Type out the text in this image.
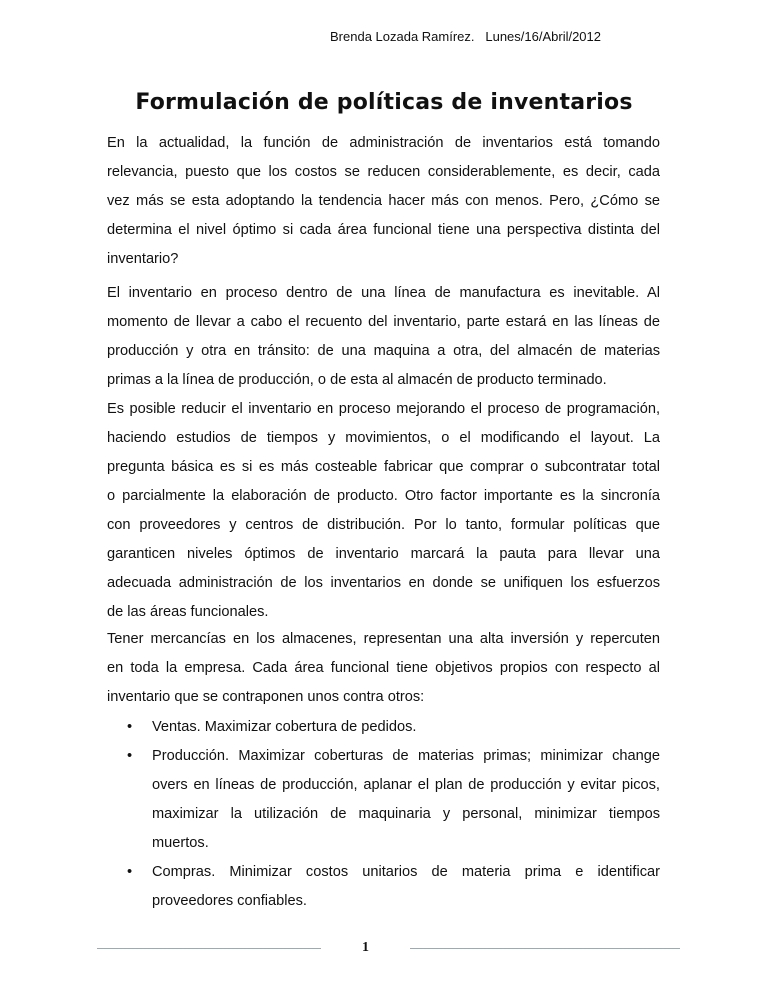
Brenda Lozada Ramírez.   Lunes/16/Abril/2012
Formulación de políticas de inventarios
En la actualidad, la función de administración de inventarios está tomando
relevancia, puesto que los costos se reducen considerablemente, es decir, cada
vez más se esta adoptando la tendencia hacer más con menos. Pero, ¿Cómo se
determina el nivel óptimo si cada área funcional tiene una perspectiva distinta del
inventario?
El inventario en proceso dentro de una línea de manufactura es inevitable. Al
momento de llevar a cabo el recuento del inventario, parte estará en las líneas de
producción y otra en tránsito: de una maquina a otra, del almacén de materias
primas a la línea de producción, o de esta al almacén de producto terminado.
Es posible reducir el inventario en proceso mejorando el proceso de programación,
haciendo estudios de tiempos y movimientos, o el modificando el layout. La
pregunta básica es si es más costeable fabricar que comprar o subcontratar total
o parcialmente la elaboración de producto. Otro factor importante es la sincronía
con proveedores y centros de distribución. Por lo tanto, formular políticas que
garanticen niveles óptimos de inventario marcará la pauta para llevar una
adecuada administración de los inventarios en donde se unifiquen los esfuerzos
de las áreas funcionales.
Tener mercancías en los almacenes, representan una alta inversión y repercuten
en toda la empresa. Cada área funcional tiene objetivos propios con respecto al
inventario que se contraponen unos contra otros:
• Ventas. Maximizar cobertura de pedidos.
• Producción. Maximizar coberturas de materias primas; minimizar change
overs en líneas de producción, aplanar el plan de producción y evitar picos,
maximizar la utilización de maquinaria y personal, minimizar tiempos
muertos.
• Compras. Minimizar costos unitarios de materia prima e identificar
proveedores confiables.
1
